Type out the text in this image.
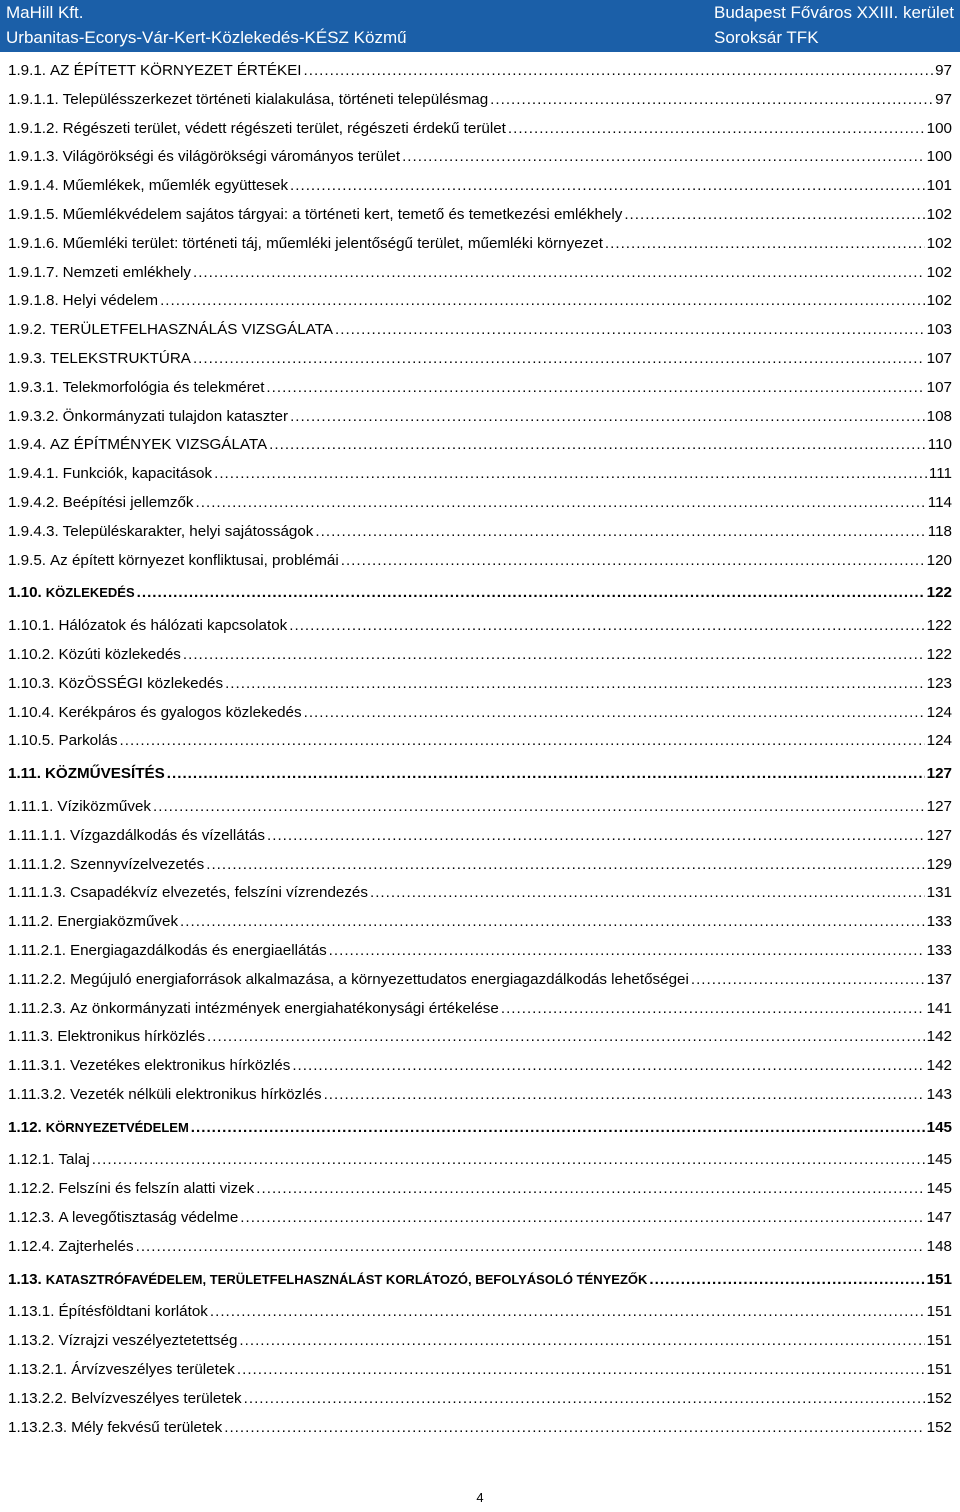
MaHill Kft.
Urbanitas-Ecorys-Vár-Kert-Közlekedés-KÉSZ Közmű
Budapest Főváros XXIII. kerület
Soroksár TFK
1.9.1. AZ ÉPÍTETT KÖRNYEZET ÉRTÉKEI .....	97
1.9.1.1. Településszerkezet történeti kialakulása, történeti településmag .....	97
1.9.1.2. Régészeti terület, védett régészeti terület, régészeti érdekű terület .....	100
1.9.1.3. Világörökségi és világörökségi várományos terület .....	100
1.9.1.4. Műemlékek, műemlék együttesek .....	101
1.9.1.5. Műemlékvédelem sajátos tárgyai: a történeti kert, temető és temetkezési emlékhely .....	102
1.9.1.6. Műemléki terület: történeti táj, műemléki jelentőségű terület, műemléki környezet .....	102
1.9.1.7. Nemzeti emlékhely .....	102
1.9.1.8. Helyi védelem .....	102
1.9.2. TERÜLETFELHASZNÁLÁS VIZSGÁLATA .....	103
1.9.3. TELEKSTRUKTÚRA .....	107
1.9.3.1. Telekmorfológia és telekméret .....	107
1.9.3.2. Önkormányzati tulajdon kataszter .....	108
1.9.4. AZ ÉPÍTMÉNYEK VIZSGÁLATA .....	110
1.9.4.1. Funkciók, kapacitások .....	111
1.9.4.2. Beépítési jellemzők .....	114
1.9.4.3. Településkarakter, helyi sajátosságok .....	118
1.9.5. Az épített környezet konfliktusai, problémái .....	120
1.10. KÖZLEKEDÉS .....	122
1.10.1. Hálózatok és hálózati kapcsolatok .....	122
1.10.2. Közúti közlekedés .....	122
1.10.3. KözÖSSÉGI közlekedés .....	123
1.10.4. Kerékpáros és gyalogos közlekedés .....	124
1.10.5. Parkolás .....	124
1.11. KÖZMŰVESÍTÉS .....	127
1.11.1. Víziközművek .....	127
1.11.1.1. Vízgazdálkodás és vízellátás .....	127
1.11.1.2. Szennyvízelvezetés .....	129
1.11.1.3. Csapadékvíz elvezetés, felszíni vízrendezés .....	131
1.11.2. Energiaközművek .....	133
1.11.2.1. Energiagazdálkodás és energiaellátás .....	133
1.11.2.2. Megújuló energiaforrások alkalmazása, a környezettudatos energiagazdálkodás lehetőségei .....	137
1.11.2.3. Az önkormányzati intézmények energiahatékonysági értékelése .....	141
1.11.3. Elektronikus hírközlés .....	142
1.11.3.1. Vezetékes elektronikus hírközlés .....	142
1.11.3.2. Vezeték nélküli elektronikus hírközlés .....	143
1.12. KÖRNYEZETVÉDELEM .....	145
1.12.1. Talaj .....	145
1.12.2. Felszíni és felszín alatti vizek .....	145
1.12.3. A levegőtisztaság védelme .....	147
1.12.4. Zajterhelés .....	148
1.13. KATASZTRÓFAVÉDELEM, TERÜLETFELHASZNÁLÁST KORLÁTOZÓ, BEFOLYÁSOLÓ TÉNYEZŐK .....	151
1.13.1. Építésföldtani korlátok .....	151
1.13.2. Vízrajzi veszélyeztetettség .....	151
1.13.2.1. Árvízveszélyes területek .....	151
1.13.2.2. Belvízveszélyes területek .....	152
1.13.2.3. Mély fekvésű területek .....	152
4
